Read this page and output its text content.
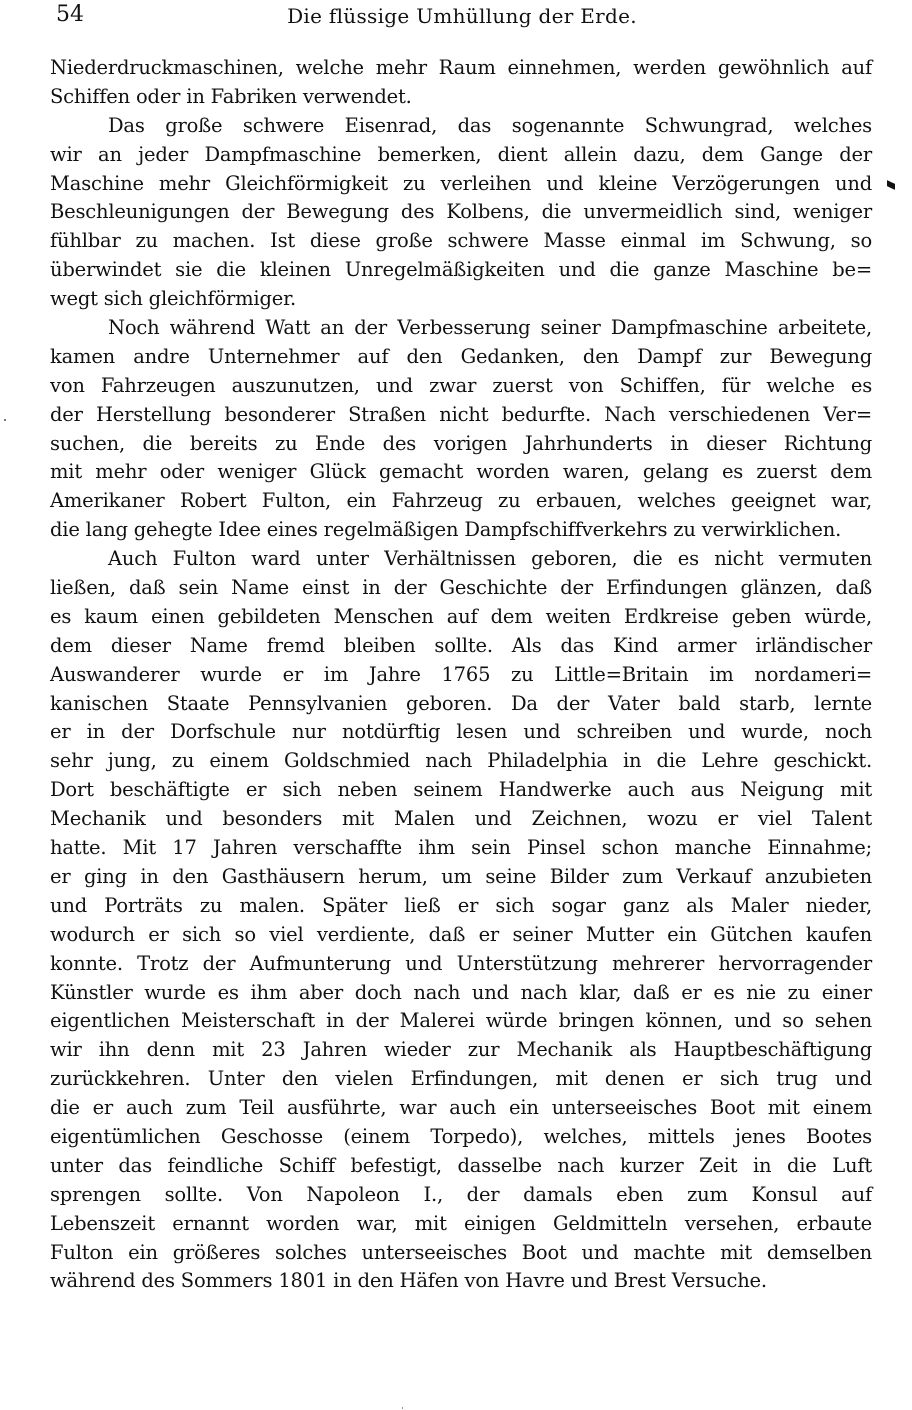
54	Die flüssige Umhüllung der Erde.
Niederdruckmaschinen, welche mehr Raum einnehmen, werden gewöhnlich auf
Schiffen oder in Fabriken verwendet.
Das große schwere Eisenrad, das sogenannte Schwungrad, welches
wir an jeder Dampfmaschine bemerken, dient allein dazu, dem Gange der
Maschine mehr Gleichförmigkeit zu verleihen und kleine Verzögerungen und
Beschleunigungen der Bewegung des Kolbens, die unvermeidlich sind, weniger
fühlbar zu machen. Ist diese große schwere Masse einmal im Schwung, so
überwindet sie die kleinen Unregelmäßigkeiten und die ganze Maschine be=
wegt sich gleichförmiger.
Noch während Watt an der Verbesserung seiner Dampfmaschine arbeitete,
kamen andre Unternehmer auf den Gedanken, den Dampf zur Bewegung
von Fahrzeugen auszunutzen, und zwar zuerst von Schiffen, für welche es
der Herstellung besonderer Straßen nicht bedurfte. Nach verschiedenen Ver=
suchen, die bereits zu Ende des vorigen Jahrhunderts in dieser Richtung
mit mehr oder weniger Glück gemacht worden waren, gelang es zuerst dem
Amerikaner Robert Fulton, ein Fahrzeug zu erbauen, welches geeignet war,
die lang gehegte Idee eines regelmäßigen Dampfschiffverkehrs zu verwirklichen.
Auch Fulton ward unter Verhältnissen geboren, die es nicht vermuten
ließen, daß sein Name einst in der Geschichte der Erfindungen glänzen, daß
es kaum einen gebildeten Menschen auf dem weiten Erdkreise geben würde,
dem dieser Name fremd bleiben sollte. Als das Kind armer irländischer
Auswanderer wurde er im Jahre 1765 zu Little=Britain im nordameri=
kanischen Staate Pennsylvanien geboren. Da der Vater bald starb, lernte
er in der Dorfschule nur notdürftig lesen und schreiben und wurde, noch
sehr jung, zu einem Goldschmied nach Philadelphia in die Lehre geschickt.
Dort beschäftigte er sich neben seinem Handwerke auch aus Neigung mit
Mechanik und besonders mit Malen und Zeichnen, wozu er viel Talent
hatte. Mit 17 Jahren verschaffte ihm sein Pinsel schon manche Einnahme;
er ging in den Gasthäusern herum, um seine Bilder zum Verkauf anzubieten
und Porträts zu malen. Später ließ er sich sogar ganz als Maler nieder,
wodurch er sich so viel verdiente, daß er seiner Mutter ein Gütchen kaufen
konnte. Trotz der Aufmunterung und Unterstützung mehrerer hervorragender
Künstler wurde es ihm aber doch nach und nach klar, daß er es nie zu einer
eigentlichen Meisterschaft in der Malerei würde bringen können, und so sehen
wir ihn denn mit 23 Jahren wieder zur Mechanik als Hauptbeschäftigung
zurückkehren. Unter den vielen Erfindungen, mit denen er sich trug und
die er auch zum Teil ausführte, war auch ein unterseeisches Boot mit einem
eigentümlichen Geschosse (einem Torpedo), welches, mittels jenes Bootes
unter das feindliche Schiff befestigt, dasselbe nach kurzer Zeit in die Luft
sprengen sollte. Von Napoleon I., der damals eben zum Konsul auf
Lebenszeit ernannt worden war, mit einigen Geldmitteln versehen, erbaute
Fulton ein größeres solches unterseeisches Boot und machte mit demselben
während des Sommers 1801 in den Häfen von Havre und Brest Versuche.
